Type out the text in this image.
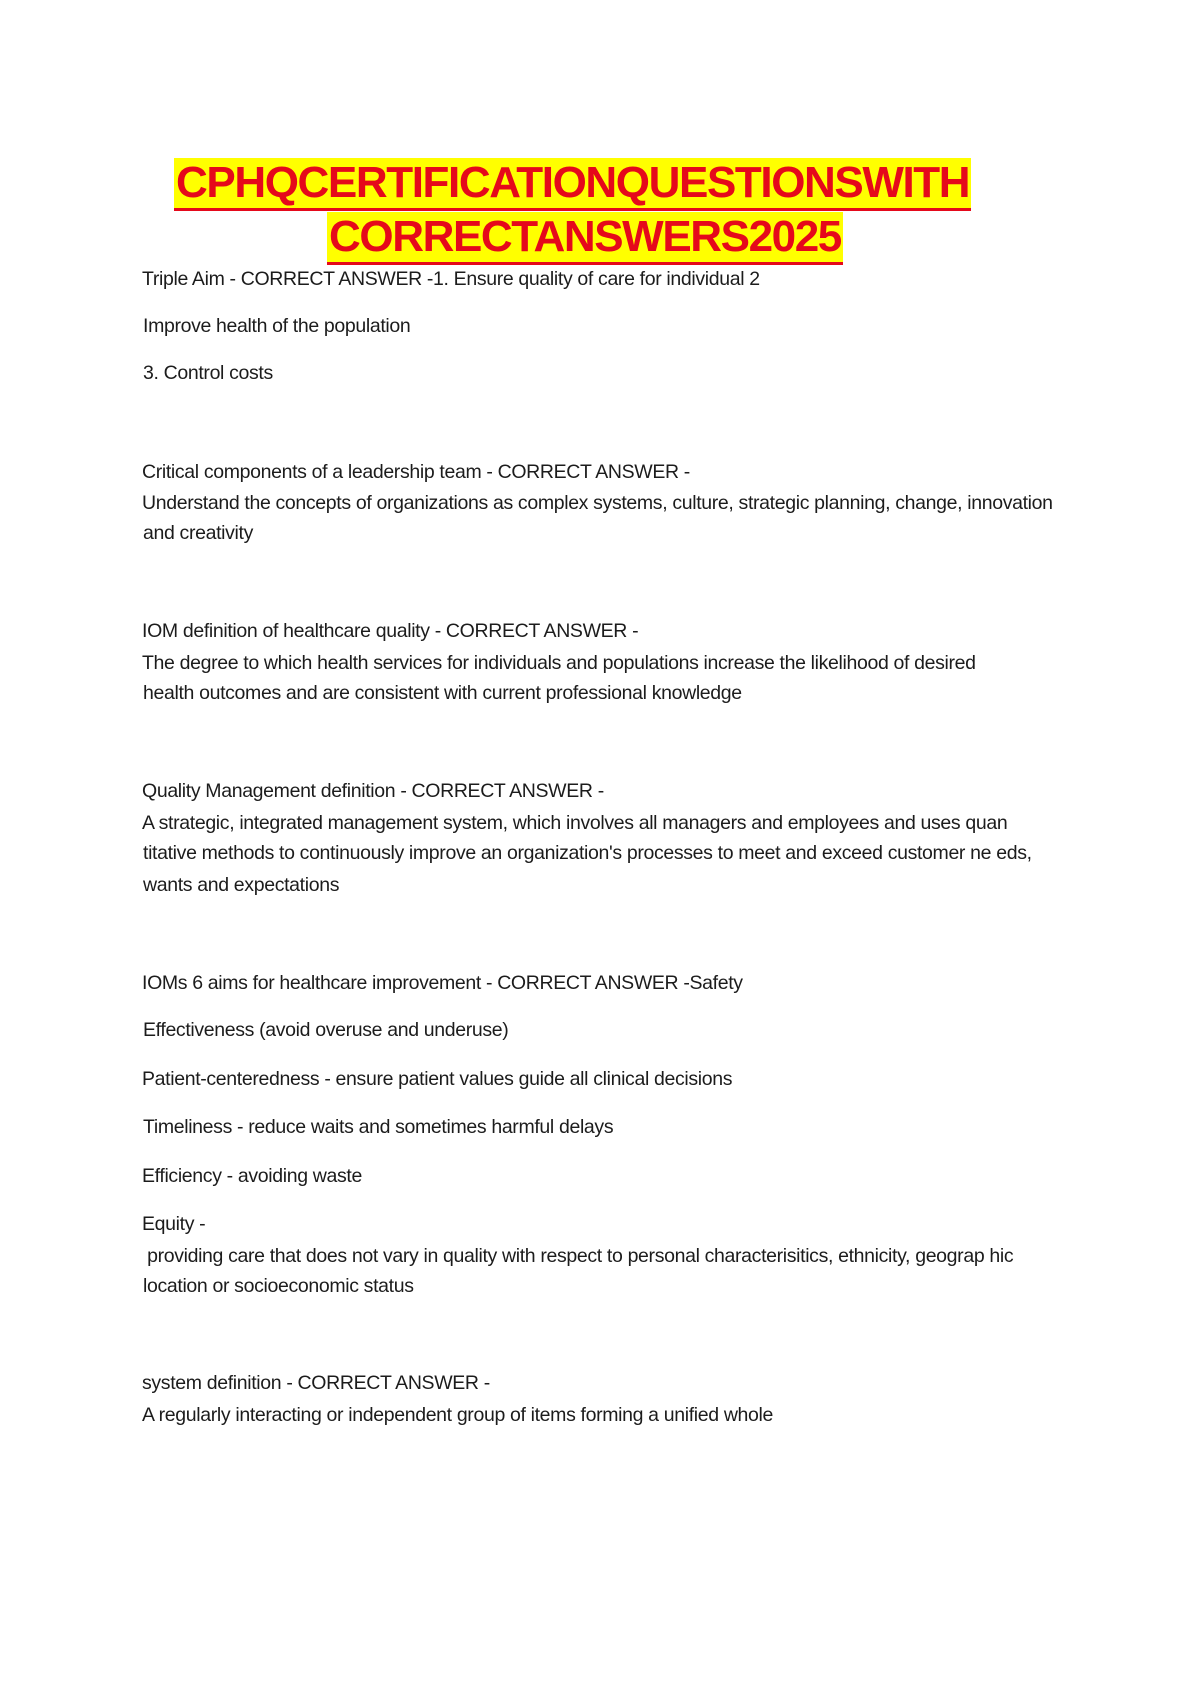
CPHQCERTIFICATIONQUESTIONSWITH
CORRECTANSWERS2025
Triple Aim - CORRECT ANSWER -1. Ensure quality of care for individual 2
Improve health of the population
3. Control costs
Critical components of a leadership team - CORRECT ANSWER -
Understand the concepts of organizations as complex systems, culture, strategic planning, change, innovation
and creativity
IOM definition of healthcare quality - CORRECT ANSWER -
The degree to which health services for individuals and populations increase the likelihood of desired
health outcomes and are consistent with current professional knowledge
Quality Management definition - CORRECT ANSWER -
A strategic, integrated management system, which involves all managers and employees and uses quan
titative methods to continuously improve an organization's processes to meet and exceed customer ne eds,
wants and expectations
IOMs 6 aims for healthcare improvement - CORRECT ANSWER -Safety
Effectiveness (avoid overuse and underuse)
Patient-centeredness - ensure patient values guide all clinical decisions
Timeliness - reduce waits and sometimes harmful delays
Efficiency - avoiding waste
Equity -
providing care that does not vary in quality with respect to personal characterisitics, ethnicity, geograp hic
location or socioeconomic status
system definition - CORRECT ANSWER -
A regularly interacting or independent group of items forming a unified whole
